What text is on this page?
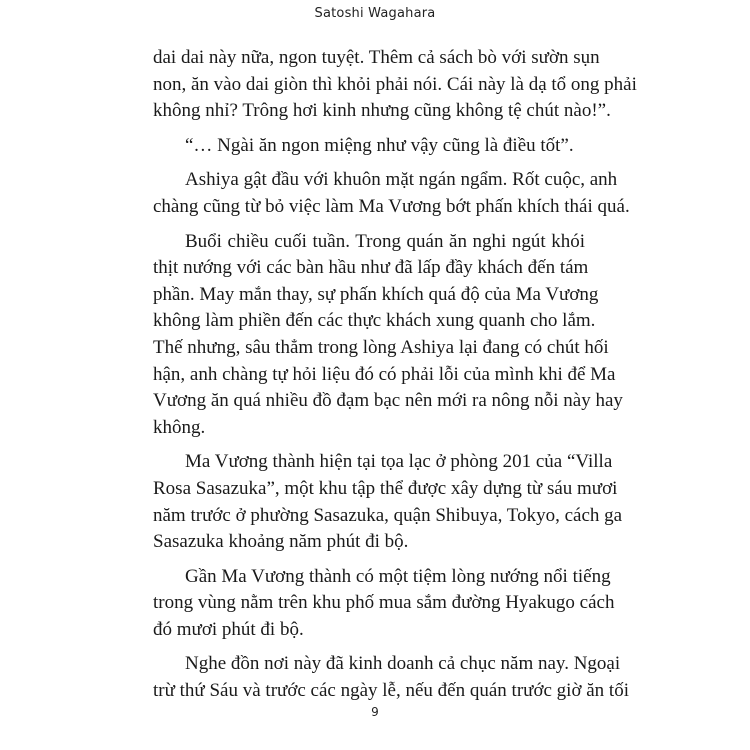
Satoshi Wagahara

dai dai này nữa, ngon tuyệt. Thêm cả sách bò với sườn sụn
non, ăn vào dai giòn thì khỏi phải nói. Cái này là dạ tổ ong phải
không nhỉ? Trông hơi kinh nhưng cũng không tệ chút nào!”.

“… Ngài ăn ngon miệng như vậy cũng là điều tốt”.

Ashiya gật đầu với khuôn mặt ngán ngẩm. Rốt cuộc, anh
chàng cũng từ bỏ việc làm Ma Vương bớt phấn khích thái quá.

Buổi chiều cuối tuần. Trong quán ăn nghi ngút khói
thịt nướng với các bàn hầu như đã lấp đầy khách đến tám
phần. May mắn thay, sự phấn khích quá độ của Ma Vương
không làm phiền đến các thực khách xung quanh cho lắm.
Thế nhưng, sâu thẳm trong lòng Ashiya lại đang có chút hối
hận, anh chàng tự hỏi liệu đó có phải lỗi của mình khi để Ma
Vương ăn quá nhiều đồ đạm bạc nên mới ra nông nỗi này hay
không.

Ma Vương thành hiện tại tọa lạc ở phòng 201 của “Villa
Rosa Sasazuka”, một khu tập thể được xây dựng từ sáu mươi
năm trước ở phường Sasazuka, quận Shibuya, Tokyo, cách ga
Sasazuka khoảng năm phút đi bộ.

Gần Ma Vương thành có một tiệm lòng nướng nổi tiếng
trong vùng nằm trên khu phố mua sắm đường Hyakugo cách
đó mươi phút đi bộ.

Nghe đồn nơi này đã kinh doanh cả chục năm nay. Ngoại
trừ thứ Sáu và trước các ngày lễ, nếu đến quán trước giờ ăn tối

9
